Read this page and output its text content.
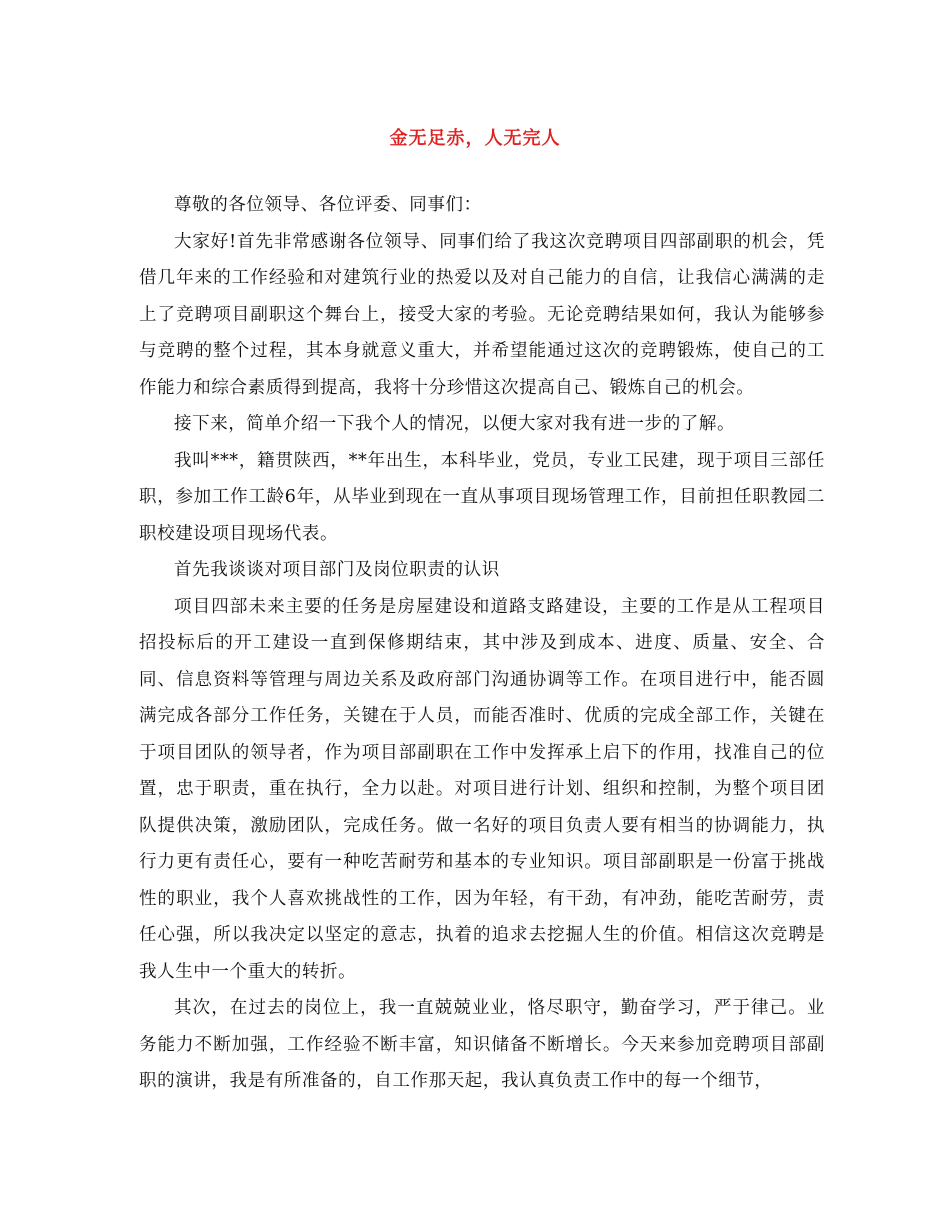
金无足赤，人无完人

尊敬的各位领导、各位评委、同事们：

大家好!首先非常感谢各位领导、同事们给了我这次竞聘项目四部副职的机会，凭借几年来的工作经验和对建筑行业的热爱以及对自己能力的自信，让我信心满满的走上了竞聘项目副职这个舞台上，接受大家的考验。无论竞聘结果如何，我认为能够参与竞聘的整个过程，其本身就意义重大，并希望能通过这次的竞聘锻炼，使自己的工作能力和综合素质得到提高，我将十分珍惜这次提高自己、锻炼自己的机会。

接下来，简单介绍一下我个人的情况，以便大家对我有进一步的了解。

我叫***，籍贯陕西，**年出生，本科毕业，党员，专业工民建，现于项目三部任职，参加工作工龄6年，从毕业到现在一直从事项目现场管理工作，目前担任职教园二职校建设项目现场代表。

首先我谈谈对项目部门及岗位职责的认识

项目四部未来主要的任务是房屋建设和道路支路建设，主要的工作是从工程项目招投标后的开工建设一直到保修期结束，其中涉及到成本、进度、质量、安全、合同、信息资料等管理与周边关系及政府部门沟通协调等工作。在项目进行中，能否圆满完成各部分工作任务，关键在于人员，而能否准时、优质的完成全部工作，关键在于项目团队的领导者，作为项目部副职在工作中发挥承上启下的作用，找准自己的位置，忠于职责，重在执行，全力以赴。对项目进行计划、组织和控制，为整个项目团队提供决策，激励团队，完成任务。做一名好的项目负责人要有相当的协调能力，执行力更有责任心，要有一种吃苦耐劳和基本的专业知识。项目部副职是一份富于挑战性的职业，我个人喜欢挑战性的工作，因为年轻，有干劲，有冲劲，能吃苦耐劳，责任心强，所以我决定以坚定的意志，执着的追求去挖掘人生的价值。相信这次竞聘是我人生中一个重大的转折。

其次，在过去的岗位上，我一直兢兢业业，恪尽职守，勤奋学习，严于律己。业务能力不断加强，工作经验不断丰富，知识储备不断增长。今天来参加竞聘项目部副职的演讲，我是有所准备的，自工作那天起，我认真负责工作中的每一个细节，
